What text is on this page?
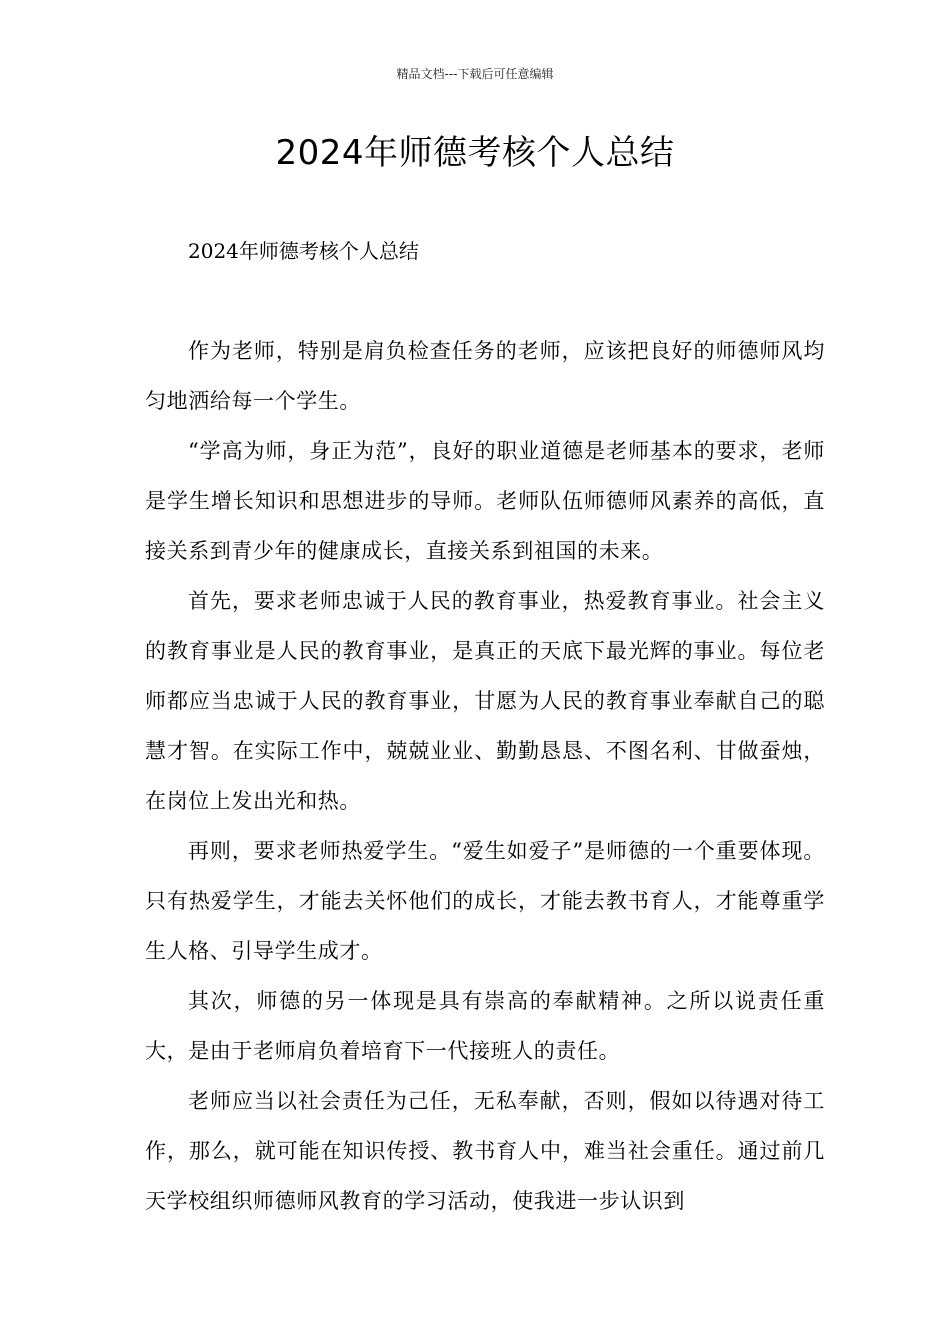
精品文档---下载后可任意编辑
2024年师德考核个人总结

2024年师德考核个人总结

作为老师，特别是肩负检查任务的老师，应该把良好的师德师风均匀地洒给每一个学生。

“学高为师，身正为范”，良好的职业道德是老师基本的要求，老师是学生增长知识和思想进步的导师。老师队伍师德师风素养的高低，直接关系到青少年的健康成长，直接关系到祖国的未来。

首先，要求老师忠诚于人民的教育事业，热爱教育事业。社会主义的教育事业是人民的教育事业，是真正的天底下最光辉的事业。每位老师都应当忠诚于人民的教育事业，甘愿为人民的教育事业奉献自己的聪慧才智。在实际工作中，兢兢业业、勤勤恳恳、不图名利、甘做蚕烛，在岗位上发出光和热。

再则，要求老师热爱学生。“爱生如爱子”是师德的一个重要体现。只有热爱学生，才能去关怀他们的成长，才能去教书育人，才能尊重学生人格、引导学生成才。

其次，师德的另一体现是具有崇高的奉献精神。之所以说责任重大，是由于老师肩负着培育下一代接班人的责任。

老师应当以社会责任为己任，无私奉献，否则，假如以待遇对待工作，那么，就可能在知识传授、教书育人中，难当社会重任。通过前几天学校组织师德师风教育的学习活动，使我进一步认识到
